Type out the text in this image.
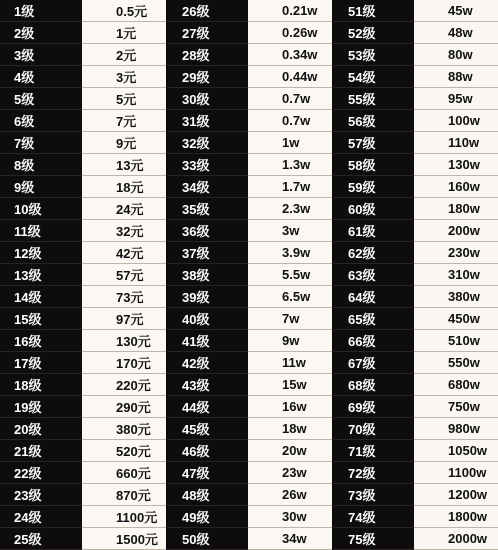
1级	0.5元	26级	0.21w	51级	45w
2级	1元	27级	0.26w	52级	48w
3级	2元	28级	0.34w	53级	80w
4级	3元	29级	0.44w	54级	88w
5级	5元	30级	0.7w	55级	95w
6级	7元	31级	0.7w	56级	100w
7级	9元	32级	1w	57级	110w
8级	13元	33级	1.3w	58级	130w
9级	18元	34级	1.7w	59级	160w
10级	24元	35级	2.3w	60级	180w
11级	32元	36级	3w	61级	200w
12级	42元	37级	3.9w	62级	230w
13级	57元	38级	5.5w	63级	310w
14级	73元	39级	6.5w	64级	380w
15级	97元	40级	7w	65级	450w
16级	130元	41级	9w	66级	510w
17级	170元	42级	11w	67级	550w
18级	220元	43级	15w	68级	680w
19级	290元	44级	16w	69级	750w
20级	380元	45级	18w	70级	980w
21级	520元	46级	20w	71级	1050w
22级	660元	47级	23w	72级	1100w
23级	870元	48级	26w	73级	1200w
24级	1100元	49级	30w	74级	1800w
25级	1500元	50级	34w	75级	2000w
